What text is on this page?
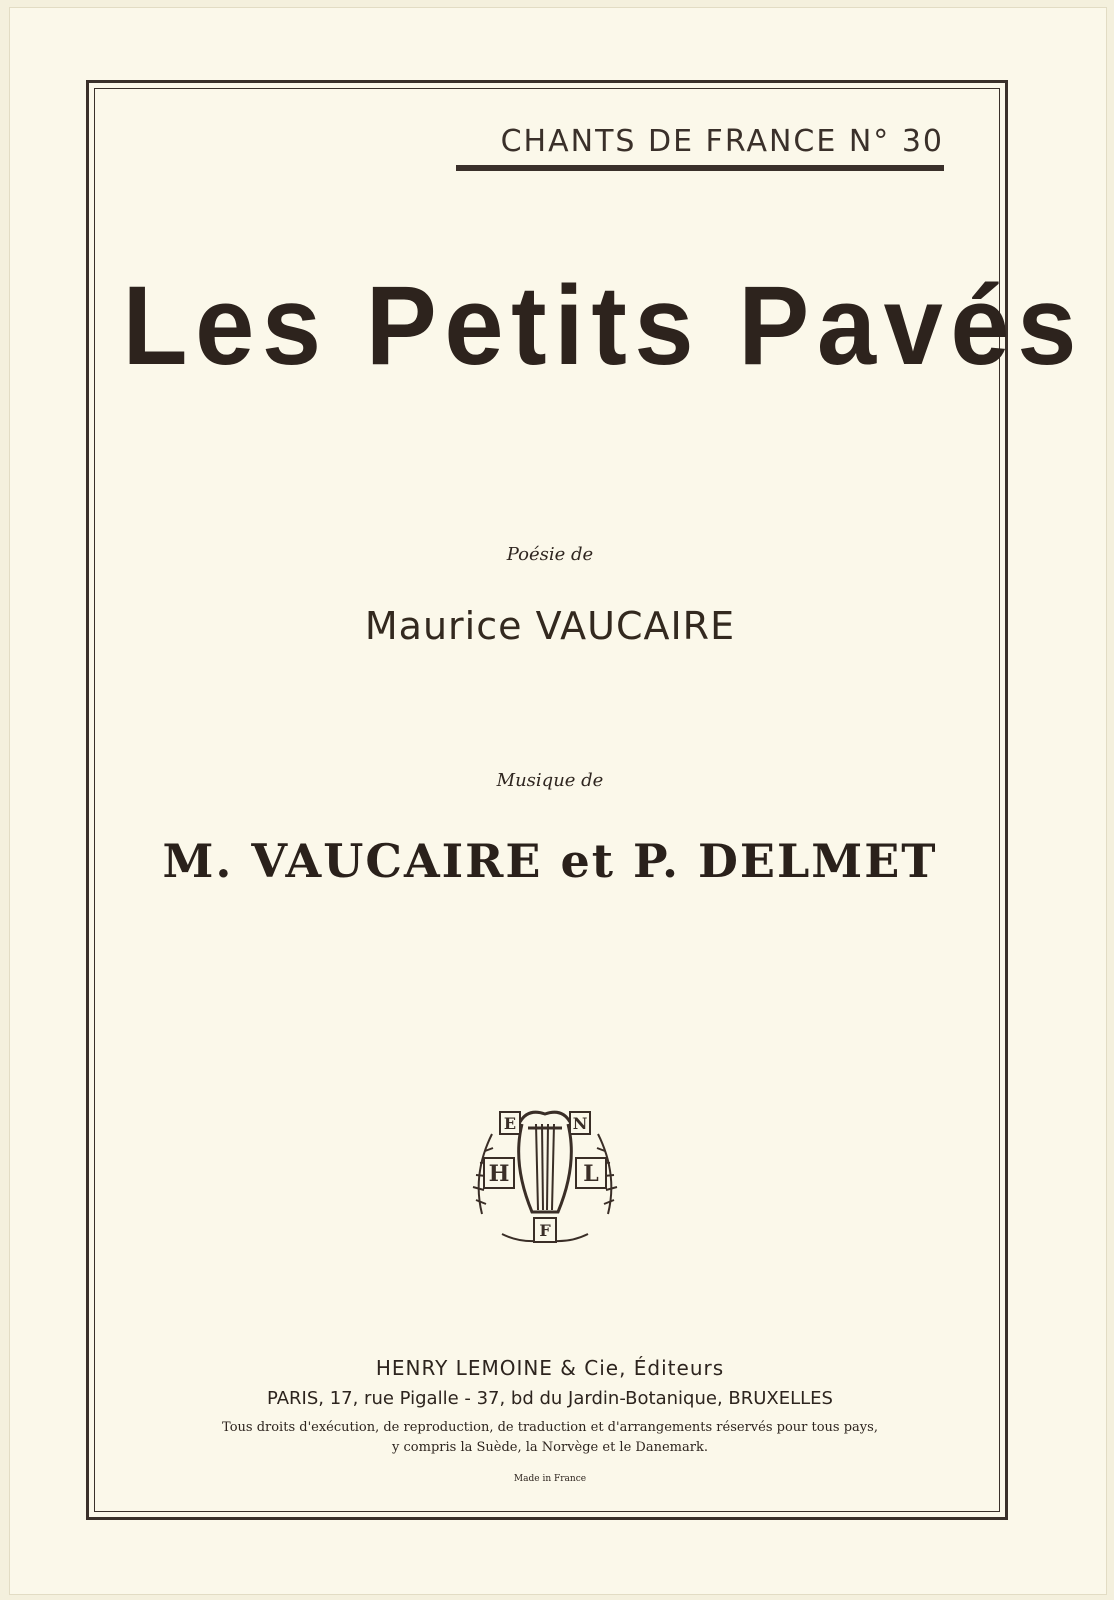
CHANTS DE FRANCE N° 30
Les Petits Pavés
Poésie de
Maurice VAUCAIRE
Musique de
M. VAUCAIRE et P. DELMET
E	N
H	L
F
HENRY LEMOINE & Cie, Éditeurs
PARIS, 17, rue Pigalle - 37, bd du Jardin-Botanique, BRUXELLES
Tous droits d'exécution, de reproduction, de traduction et d'arrangements réservés pour tous pays,
y compris la Suède, la Norvège et le Danemark.
Made in France
